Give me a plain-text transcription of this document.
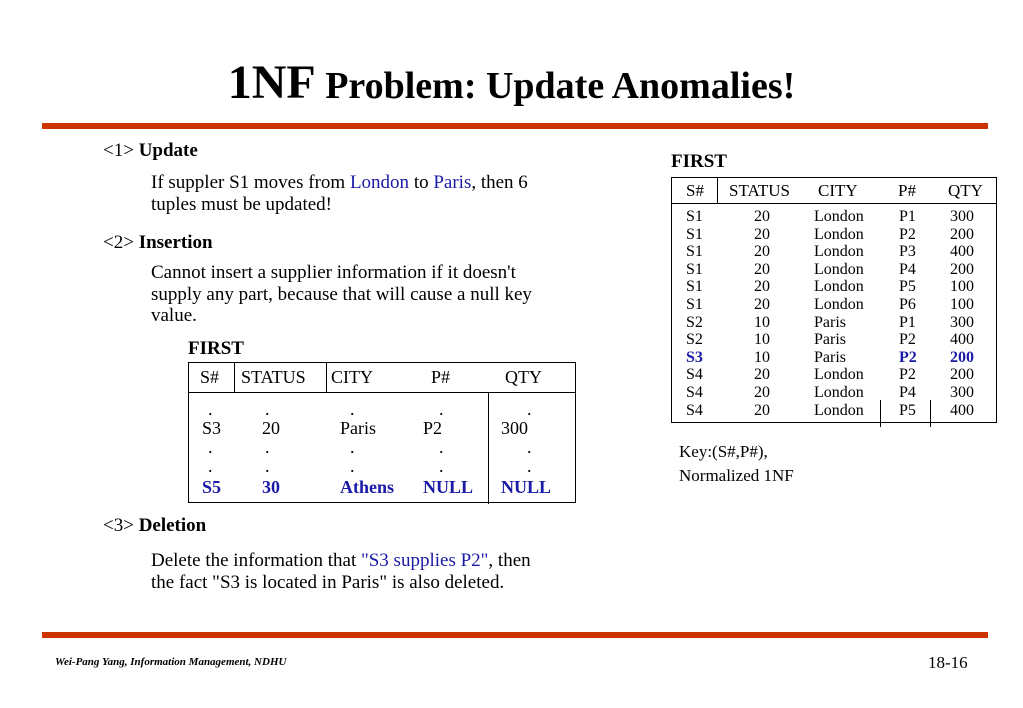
1NF Problem: Update Anomalies!
<1> Update
If suppler S1 moves from London to Paris, then 6
tuples must be updated!
<2> Insertion
Cannot insert a supplier information if it doesn't
supply any part, because that will cause a null key
value.
FIRST
S# STATUS CITY	P#	QTY
.	.	.	.	.
S3 20	Paris	P2	300
.	.	.	.	.
.	.	.	.	.
S5 30	Athens NULL NULL
<3> Deletion
Delete the information that "S3 supplies P2", then
the fact "S3 is located in Paris" is also deleted.
FIRST
S# STATUS CITY P# QTY
S1	20	London P1 300
S1	20	London P2 200
S1	20	London P3 400
S1	20	London P4 200
S1	20	London P5 100
S1	20	London P6 100
S2	10	Paris	P1 300
S2	10	Paris	P2 400
S3	10	Paris	P2 200
S4	20	London P2 200
S4	20	London P4 300
S4	20	London P5 400
Key:(S#,P#),
Normalized 1NF
Wei-Pang Yang, Information Management, NDHU	18-16
